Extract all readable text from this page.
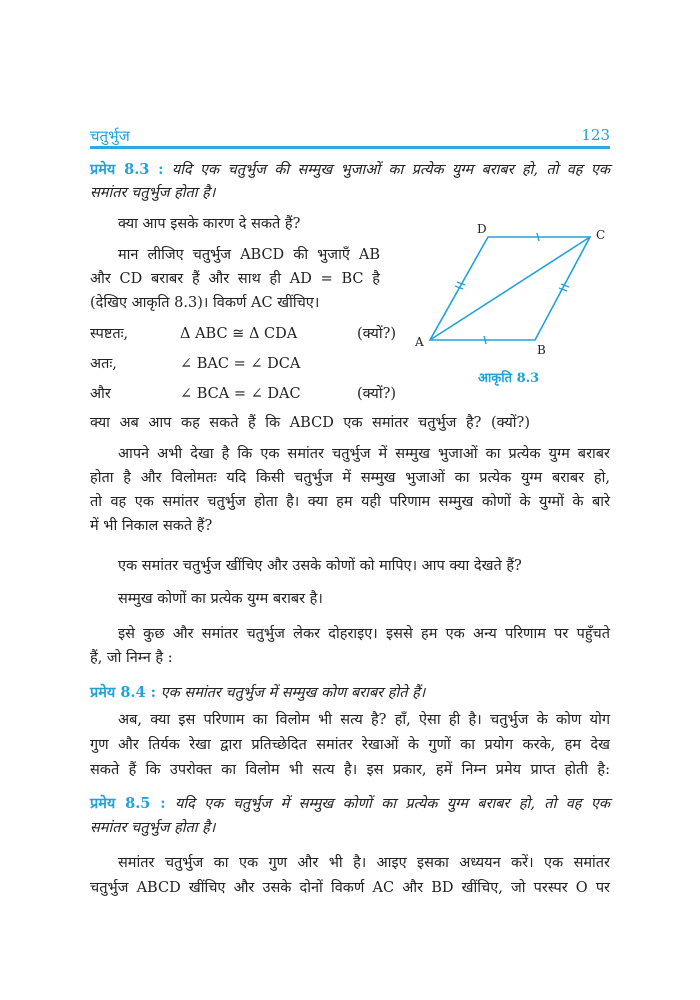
चतुर्भुज	123
प्रमेय 8.3 : यदि एक चतुर्भुज की सम्मुख भुजाओं का प्रत्येक युग्म बराबर हो, तो वह एक
समांतर चतुर्भुज होता है।
क्या आप इसके कारण दे सकते हैं?
मान लीजिए चतुर्भुज ABCD की भुजाएँ AB
और CD बराबर हैं और साथ ही AD = BC है
(देखिए आकृति 8.3)। विकर्ण AC खींचिए।
स्पष्टतः,	Δ ABC ≅ Δ CDA	(क्यों?)
अतः,	∠ BAC = ∠ DCA
और	∠ BCA = ∠ DAC	(क्यों?)
क्या अब आप कह सकते हैं कि ABCD एक समांतर चतुर्भुज है? (क्यों?)
A
B
C
D
आकृति 8.3
आपने अभी देखा है कि एक समांतर चतुर्भुज में सम्मुख भुजाओं का प्रत्येक युग्म बराबर
होता है और विलोमतः यदि किसी चतुर्भुज में सम्मुख भुजाओं का प्रत्येक युग्म बराबर हो,
तो वह एक समांतर चतुर्भुज होता है। क्या हम यही परिणाम सम्मुख कोणों के युग्मों के बारे
में भी निकाल सकते हैं?
एक समांतर चतुर्भुज खींचिए और उसके कोणों को मापिए। आप क्या देखते हैं?
सम्मुख कोणों का प्रत्येक युग्म बराबर है।
इसे कुछ और समांतर चतुर्भुज लेकर दोहराइए। इससे हम एक अन्य परिणाम पर पहुँचते
हैं, जो निम्न है :
प्रमेय 8.4 : एक समांतर चतुर्भुज में सम्मुख कोण बराबर होते हैं।
अब, क्या इस परिणाम का विलोम भी सत्य है? हाँ, ऐसा ही है। चतुर्भुज के कोण योग
गुण और तिर्यक रेखा द्वारा प्रतिच्छेदित समांतर रेखाओं के गुणों का प्रयोग करके, हम देख
सकते हैं कि उपरोक्त का विलोम भी सत्य है। इस प्रकार, हमें निम्न प्रमेय प्राप्त होती है:
प्रमेय 8.5 : यदि एक चतुर्भुज में सम्मुख कोणों का प्रत्येक युग्म बराबर हो, तो वह एक
समांतर चतुर्भुज होता है।
समांतर चतुर्भुज का एक गुण और भी है। आइए इसका अध्ययन करें। एक समांतर
चतुर्भुज ABCD खींचिए और उसके दोनों विकर्ण AC और BD खींचिए, जो परस्पर O पर
